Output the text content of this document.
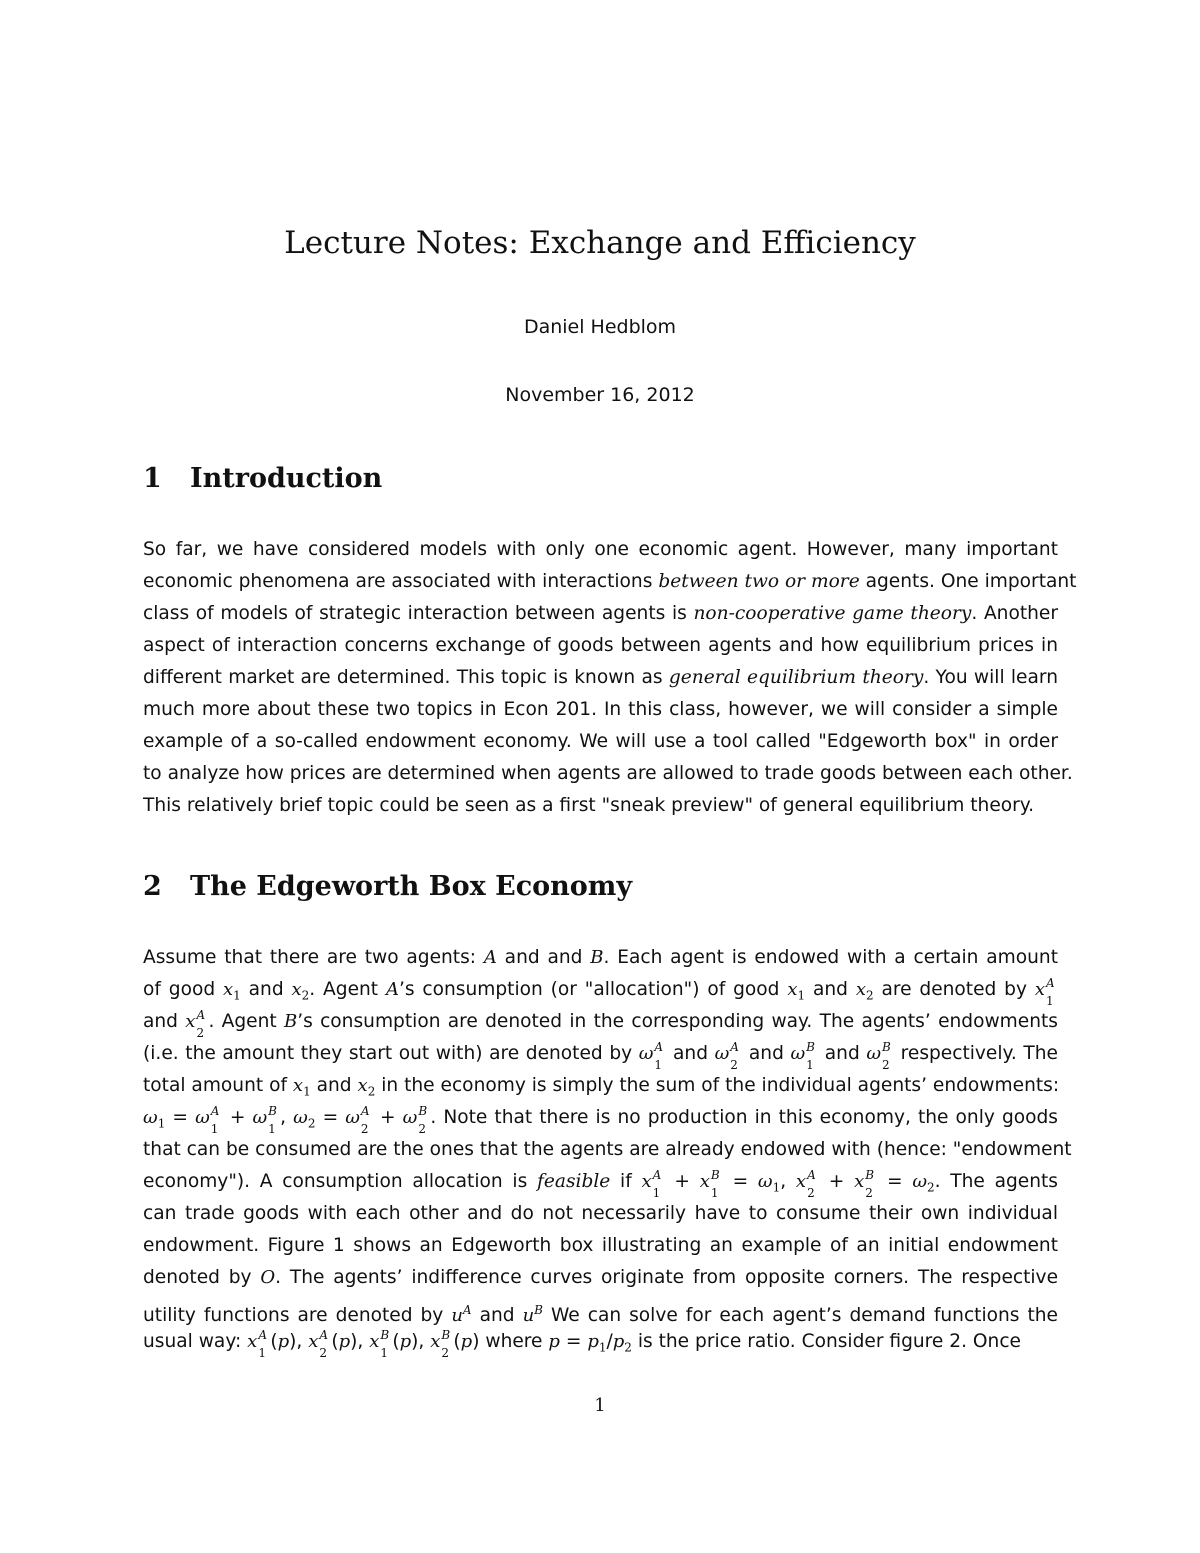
Lecture Notes: Exchange and Efficiency

Daniel Hedblom

November 16, 2012

1 Introduction
So far, we have considered models with only one economic agent. However, many important
economic phenomena are associated with interactions between two or more agents. One important
class of models of strategic interaction between agents is non-cooperative game theory. Another
aspect of interaction concerns exchange of goods between agents and how equilibrium prices in
different market are determined. This topic is known as general equilibrium theory. You will learn
much more about these two topics in Econ 201. In this class, however, we will consider a simple
example of a so-called endowment economy. We will use a tool called "Edgeworth box" in order
to analyze how prices are determined when agents are allowed to trade goods between each other.
This relatively brief topic could be seen as a first "sneak preview" of general equilibrium theory.
2 The Edgeworth Box Economy
Assume that there are two agents: A and and B. Each agent is endowed with a certain amount
of good $x_1$ and $x_2$. Agent A’s consumption (or "allocation") of good $x_1$ and $x_2$ are denoted by x A
1
and x A
2
. Agent B’s consumption are denoted in the corresponding way. The agents’ endowments
(i.e. the amount they start out with) are denoted by ω A
1
and ω A
2
and ω B
1
and ω B
2
respectively. The
total amount of $x_1$ and $x_2$ in the economy is simply the sum of the individual agents’ endowments:
$\omega_1 = \omega$ A
1
+ ω B
1
, $\omega_2 = \omega$ A
2
+ ω B
2
. Note that there is no production in this economy, the only goods
that can be consumed are the ones that the agents are already endowed with (hence: "endowment
economy"). A consumption allocation is feasible if x A
1
+ x B
1
= $\omega_1$, x A
2
+ x B
2
= $\omega_2$. The agents
can trade goods with each other and do not necessarily have to consume their own individual
endowment. Figure 1 shows an Edgeworth box illustrating an example of an initial endowment
denoted by O. The agents’ indifference curves originate from opposite corners. The respective
utility functions are denoted by $u^A$ and $u^B$ We can solve for each agent’s demand functions the
usual way: x A
1
(p), x A
2
(p), x B
1
(p), x B
2
(p) where $p = p_1/p_2$ is the price ratio. Consider figure 2. Once

1
